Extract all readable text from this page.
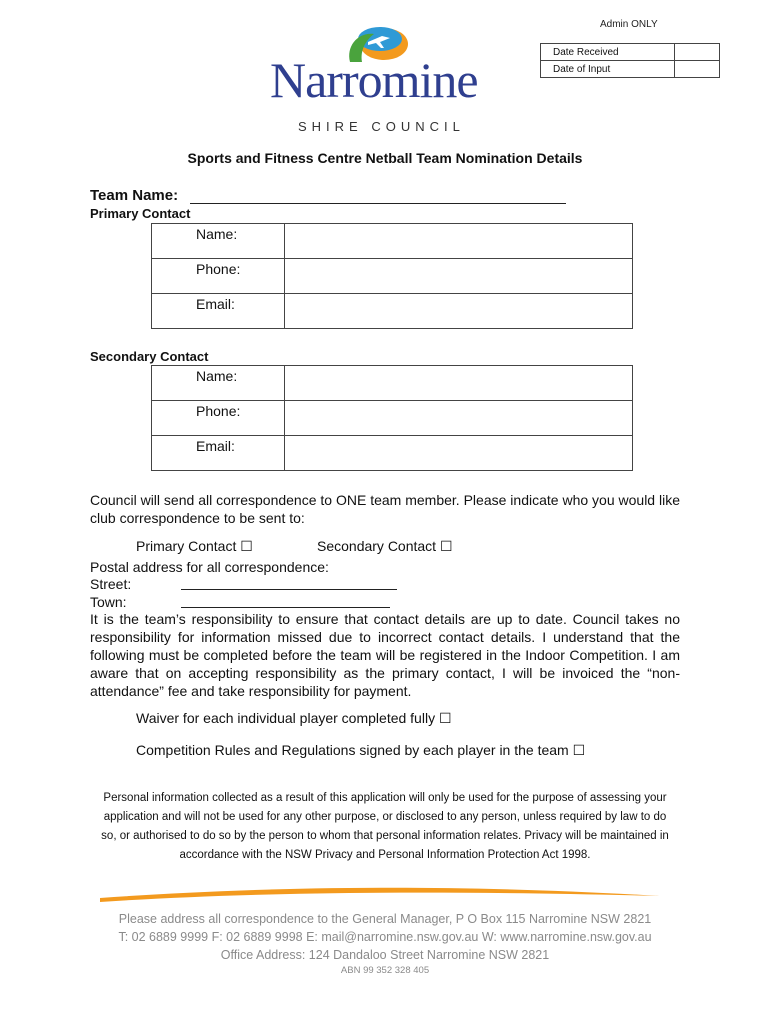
Admin ONLY
Date Received	
Date of Input	
Narromine
SHIRE COUNCIL
Sports and Fitness Centre Netball Team Nomination Details
Team Name:
Primary Contact
Name:	
Phone:	
Email:	
Secondary Contact
Name:	
Phone:	
Email:	
Council will send all correspondence to ONE team member. Please indicate who you would like club correspondence to be sent to:
Primary Contact ☐	Secondary Contact ☐
Postal address for all correspondence:
Street:
Town:
It is the team’s responsibility to ensure that contact details are up to date. Council takes no responsibility for information missed due to incorrect contact details. I understand that the following must be completed before the team will be registered in the Indoor Competition. I am aware that on accepting responsibility as the primary contact, I will be invoiced the “non-attendance” fee and take responsibility for payment.
Waiver for each individual player completed fully ☐
Competition Rules and Regulations signed by each player in the team ☐
Personal information collected as a result of this application will only be used for the purpose of assessing your application and will not be used for any other purpose, or disclosed to any person, unless required by law to do so, or authorised to do so by the person to whom that personal information relates. Privacy will be maintained in accordance with the NSW Privacy and Personal Information Protection Act 1998.
Please address all correspondence to the General Manager, P O Box 115 Narromine NSW 2821
T: 02 6889 9999 F: 02 6889 9998 E: mail@narromine.nsw.gov.au W: www.narromine.nsw.gov.au
Office Address: 124 Dandaloo Street Narromine NSW 2821
ABN 99 352 328 405
